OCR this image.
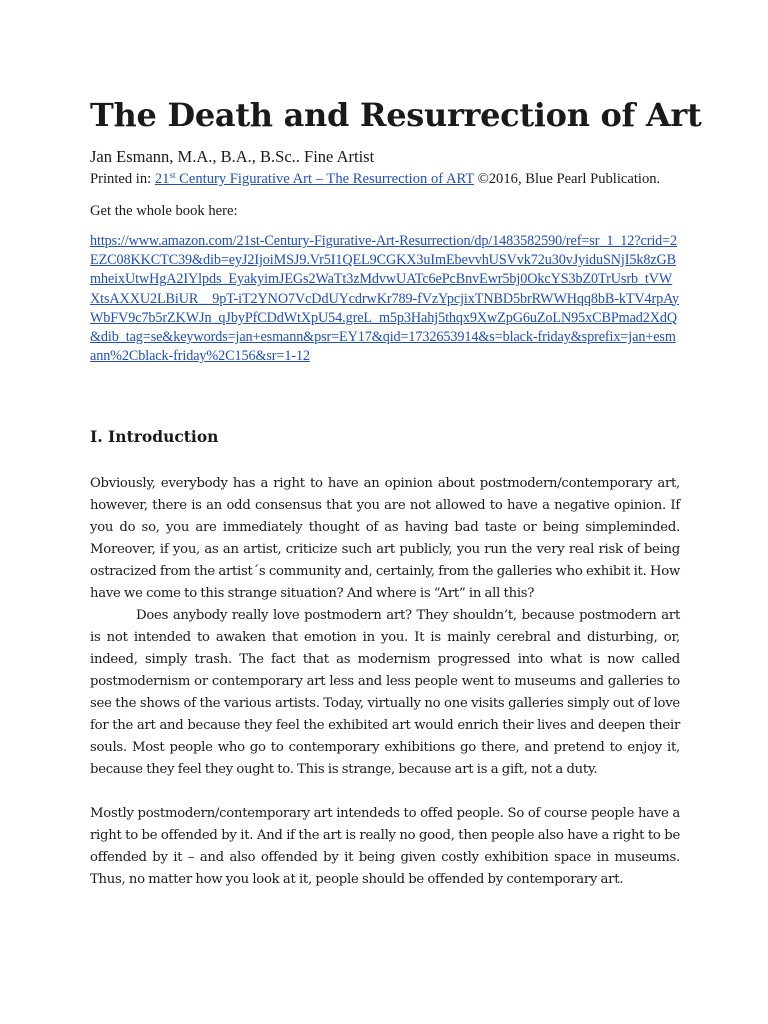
The Death and Resurrection of Art

Jan Esmann, M.A., B.A., B.Sc.. Fine Artist

Printed in: 21st Century Figurative Art – The Resurrection of ART ©2016, Blue Pearl Publication.

Get the whole book here:

https://www.amazon.com/21st-Century-Figurative-Art-Resurrection/dp/1483582590/ref=sr_1_12?crid=2EZC08KKCTC39&dib=eyJ2IjoiMSJ9.Vr5I1QEL9CGKX3uImEbevvhUSVvk72u30vJyiduSNjI5k8zGBmheixUtwHgA2IYlpds_EyakyimJEGs2WaTt3zMdvwUATc6ePcBnvEwr5bj0OkcYS3bZ0TrUsrb_tVWXtsAXXU2LBiUR__9pT-iT2YNO7VcDdUYcdrwKr789-fVzYpcjixTNBD5brRWWHqq8bB-kTV4rpAyWbFV9c7b5rZKWJn_qJbyPfCDdWtXpU54.greL_m5p3Hahj5thqx9XwZpG6uZoLN95xCBPmad2XdQ&dib_tag=se&keywords=jan+esmann&psr=EY17&qid=1732653914&s=black-friday&sprefix=jan+esmann%2Cblack-friday%2C156&sr=1-12

I. Introduction

Obviously, everybody has a right to have an opinion about postmodern/contemporary art, however, there is an odd consensus that you are not allowed to have a negative opinion. If you do so, you are immediately thought of as having bad taste or being simpleminded. Moreover, if you, as an artist, criticize such art publicly, you run the very real risk of being ostracized from the artist´s community and, certainly, from the galleries who exhibit it. How have we come to this strange situation? And where is “Art” in all this?

Does anybody really love postmodern art? They shouldn’t, because postmodern art is not intended to awaken that emotion in you. It is mainly cerebral and disturbing, or, indeed, simply trash. The fact that as modernism progressed into what is now called postmodernism or contemporary art less and less people went to museums and galleries to see the shows of the various artists. Today, virtually no one visits galleries simply out of love for the art and because they feel the exhibited art would enrich their lives and deepen their souls. Most people who go to contemporary exhibitions go there, and pretend to enjoy it, because they feel they ought to. This is strange, because art is a gift, not a duty.

Mostly postmodern/contemporary art intendeds to offed people. So of course people have a right to be offended by it. And if the art is really no good, then people also have a right to be offended by it – and also offended by it being given costly exhibition space in museums. Thus, no matter how you look at it, people should be offended by contemporary art.
